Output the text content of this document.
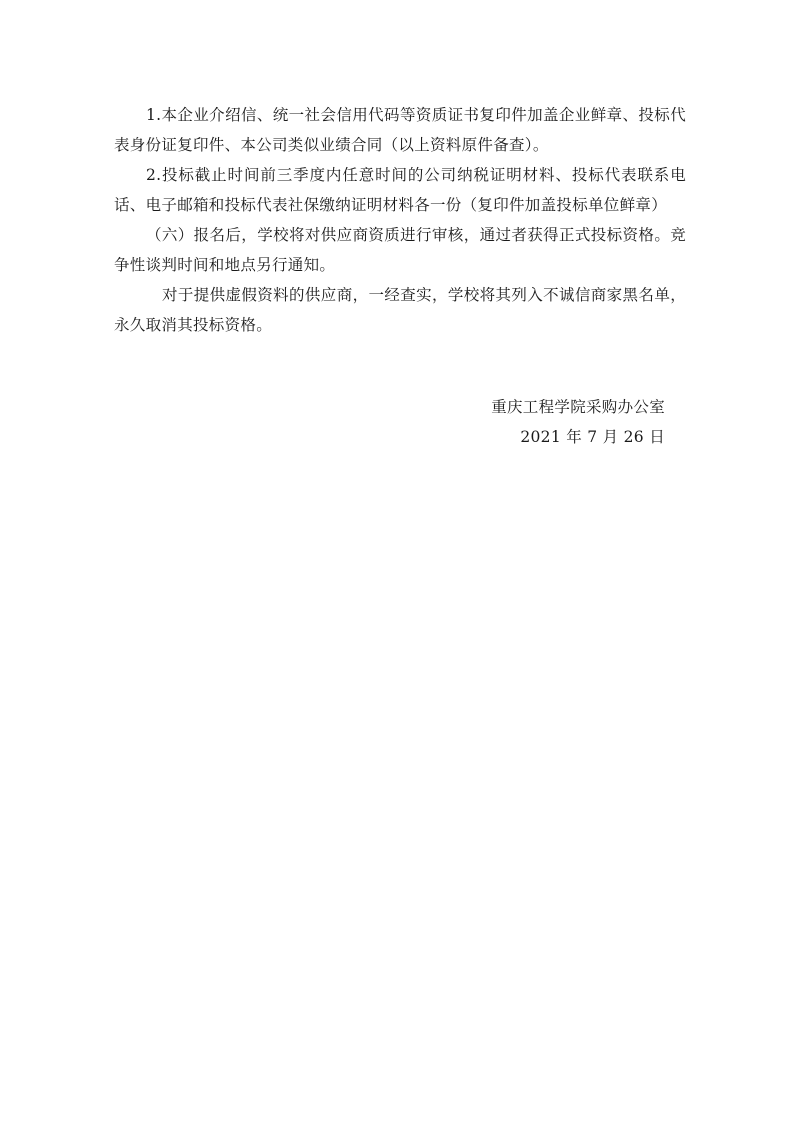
1.本企业介绍信、统一社会信用代码等资质证书复印件加盖企业鲜章、投标代表身份证复印件、本公司类似业绩合同（以上资料原件备查）。

2.投标截止时间前三季度内任意时间的公司纳税证明材料、投标代表联系电话、电子邮箱和投标代表社保缴纳证明材料各一份（复印件加盖投标单位鲜章）

（六）报名后，学校将对供应商资质进行审核，通过者获得正式投标资格。竞争性谈判时间和地点另行通知。

对于提供虚假资料的供应商，一经查实，学校将其列入不诚信商家黑名单，永久取消其投标资格。

重庆工程学院采购办公室
2021 年 7 月 26 日
